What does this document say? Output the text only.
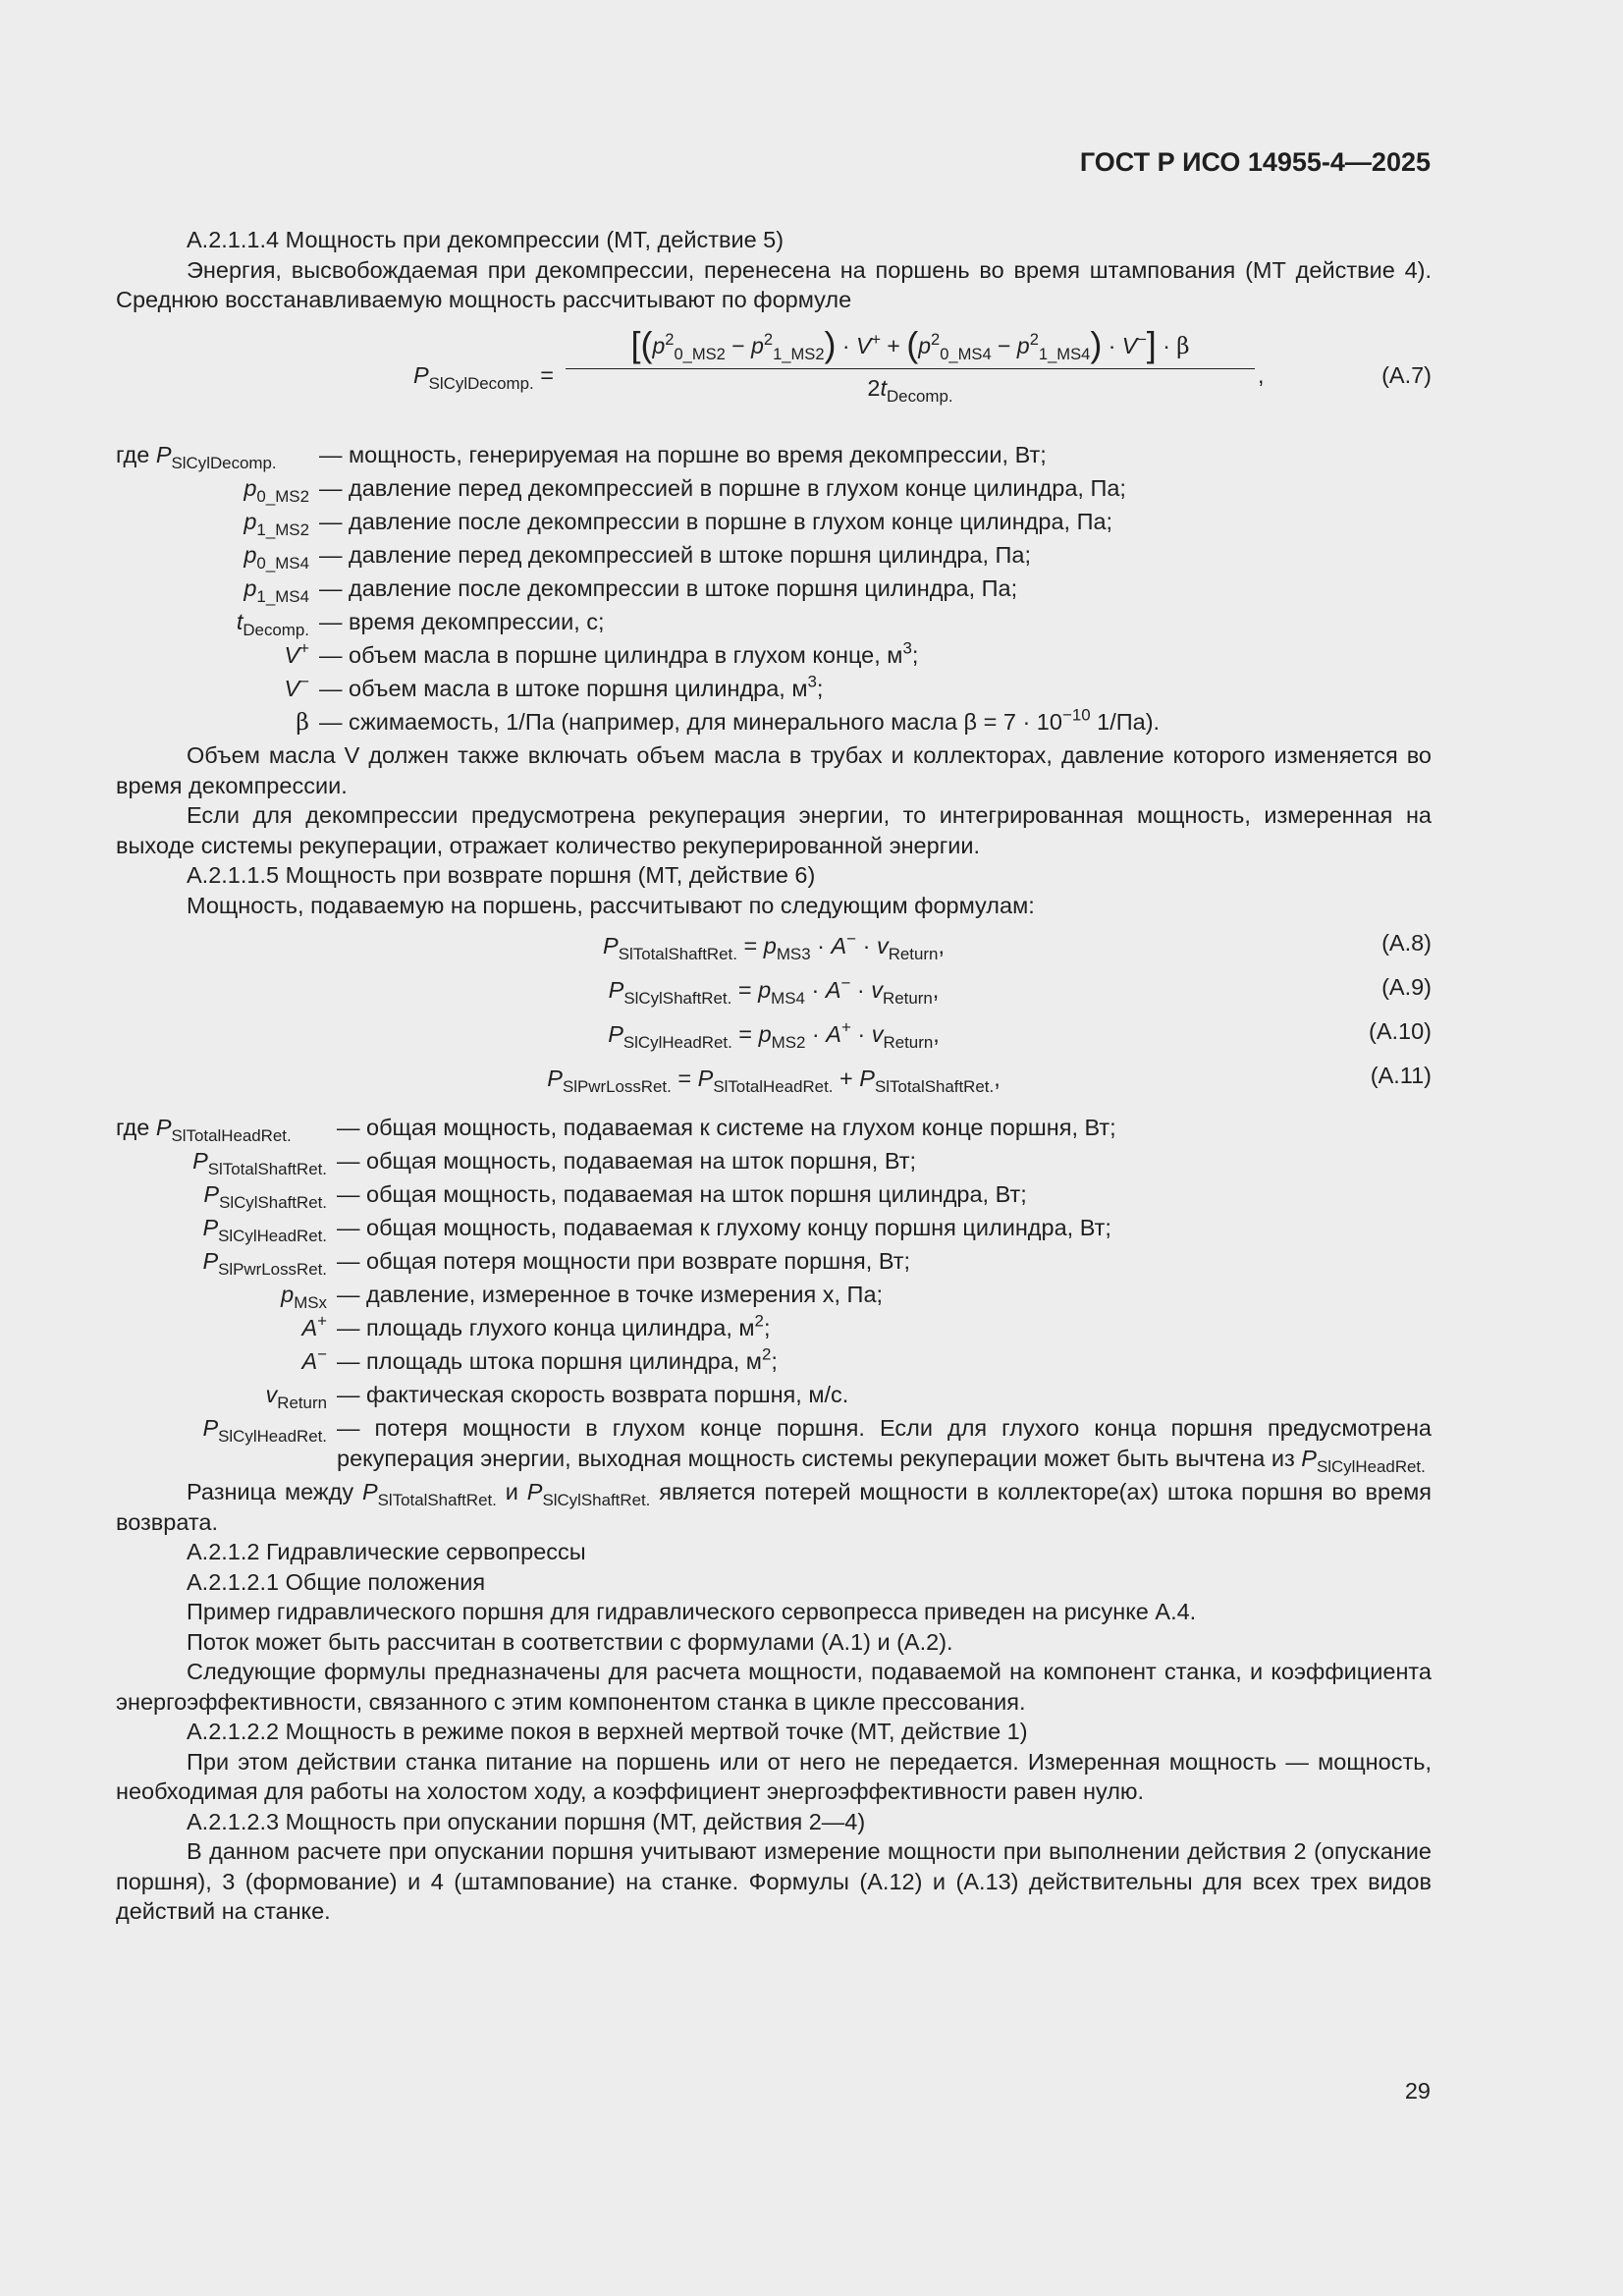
ГОСТ Р ИСО 14955-4—2025

А.2.1.1.4 Мощность при декомпрессии (МТ, действие 5)

Энергия, высвобождаемая при декомпрессии, перенесена на поршень во время штампования (МТ действие 4). Среднюю восстанавливаемую мощность рассчитывают по формуле

$P_{SlCylDecomp.}$ =
$[(p^2_{0\_MS2} - p^2_{1\_MS2}) \cdot V^+ + (p^2_{0\_MS4} - p^2_{1\_MS4}) \cdot V^-] \cdot \beta$
$2t_{Decomp.}$
,	(А.7)
где $P_{SlCylDecomp.}$	— мощность, генерируемая на поршне во время декомпрессии, Вт;
$p_{0\_MS2}$ — давление перед декомпрессией в поршне в глухом конце цилиндра, Па;
$p_{1\_MS2}$ — давление после декомпрессии в поршне в глухом конце цилиндра, Па;
$p_{0\_MS4}$ — давление перед декомпрессией в штоке поршня цилиндра, Па;
$p_{1\_MS4}$ — давление после декомпрессии в штоке поршня цилиндра, Па;
$t_{Decomp.}$ — время декомпрессии, с;
V+ — объем масла в поршне цилиндра в глухом конце, $м^3$;
V− — объем масла в штоке поршня цилиндра, $м^3$;
β — сжимаемость, 1/Па (например, для минерального масла $\beta = 7 \cdot 10^{-10}$ 1/Па).

Объем масла V должен также включать объем масла в трубах и коллекторах, давление которого изменяется во время декомпрессии.

Если для декомпрессии предусмотрена рекуперация энергии, то интегрированная мощность, измеренная на выходе системы рекуперации, отражает количество рекуперированной энергии.

А.2.1.1.5 Мощность при возврате поршня (МТ, действие 6)

Мощность, подаваемую на поршень, рассчитывают по следующим формулам:

$P_{SlTotalShaftRet.} = p_{MS3} \cdot A^- \cdot v_{Return}$,	(А.8)
$P_{SlCylShaftRet.} = p_{MS4} \cdot A^- \cdot v_{Return}$,	(А.9)
$P_{SlCylHeadRet.} = p_{MS2} \cdot A^+ \cdot v_{Return}$,	(А.10)
$P_{SlPwrLossRet.} = P_{SlTotalHeadRet.} + P_{SlTotalShaftRet.}$,	(А.11)
где $P_{SlTotalHeadRet.}$	— общая мощность, подаваемая к системе на глухом конце поршня, Вт;
$P_{SlTotalShaftRet.}$ — общая мощность, подаваемая на шток поршня, Вт;
$P_{SlCylShaftRet.}$ — общая мощность, подаваемая на шток поршня цилиндра, Вт;
$P_{SlCylHeadRet.}$ — общая мощность, подаваемая к глухому концу поршня цилиндра, Вт;
$P_{SlPwrLossRet.}$ — общая потеря мощности при возврате поршня, Вт;
$p_{MSx}$ — давление, измеренное в точке измерения x, Па;
A+ — площадь глухого конца цилиндра, $м^2$;
A− — площадь штока поршня цилиндра, $м^2$;
$v_{Return}$ — фактическая скорость возврата поршня, м/с.
$P_{SlCylHeadRet.}$ — потеря мощности в глухом конце поршня. Если для глухого конца поршня предусмотрена рекуперация энергии, выходная мощность системы рекуперации может быть вычтена из $P_{SlCylHeadRet.}$

Разница между $P_{SlTotalShaftRet.}$ и $P_{SlCylShaftRet.}$ является потерей мощности в коллекторе(ах) штока поршня во время возврата.

А.2.1.2 Гидравлические сервопрессы

А.2.1.2.1 Общие положения

Пример гидравлического поршня для гидравлического сервопресса приведен на рисунке А.4.

Поток может быть рассчитан в соответствии с формулами (А.1) и (А.2).

Следующие формулы предназначены для расчета мощности, подаваемой на компонент станка, и коэффициента энергоэффективности, связанного с этим компонентом станка в цикле прессования.

А.2.1.2.2 Мощность в режиме покоя в верхней мертвой точке (МТ, действие 1)

При этом действии станка питание на поршень или от него не передается. Измеренная мощность — мощность, необходимая для работы на холостом ходу, а коэффициент энергоэффективности равен нулю.

А.2.1.2.3 Мощность при опускании поршня (МТ, действия 2—4)

В данном расчете при опускании поршня учитывают измерение мощности при выполнении действия 2 (опускание поршня), 3 (формование) и 4 (штампование) на станке. Формулы (А.12) и (А.13) действительны для всех трех видов действий на станке.

29
